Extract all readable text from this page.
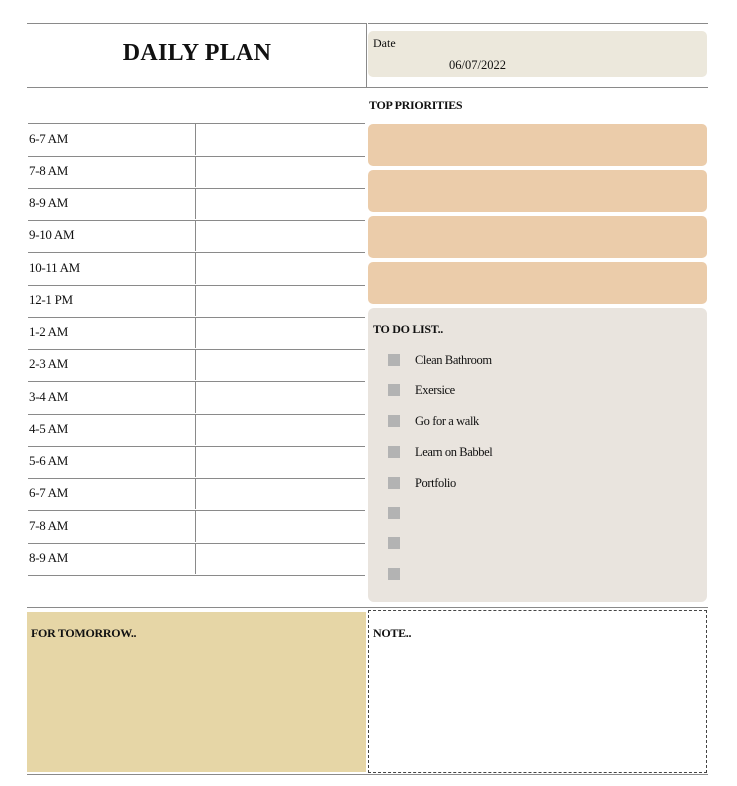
DAILY PLAN	Date
06/07/2022
TOP PRIORITIES
6-7 AM
7-8 AM
8-9 AM
9-10 AM
10-11 AM
12-1 PM
1-2 AM
2-3 AM
3-4 AM
4-5 AM
5-6 AM
6-7 AM
7-8 AM
8-9 AM
TO DO LIST..
Clean Bathroom
Exersice
Go for a walk
Learn on Babbel
Portfolio
FOR TOMORROW..	NOTE..
